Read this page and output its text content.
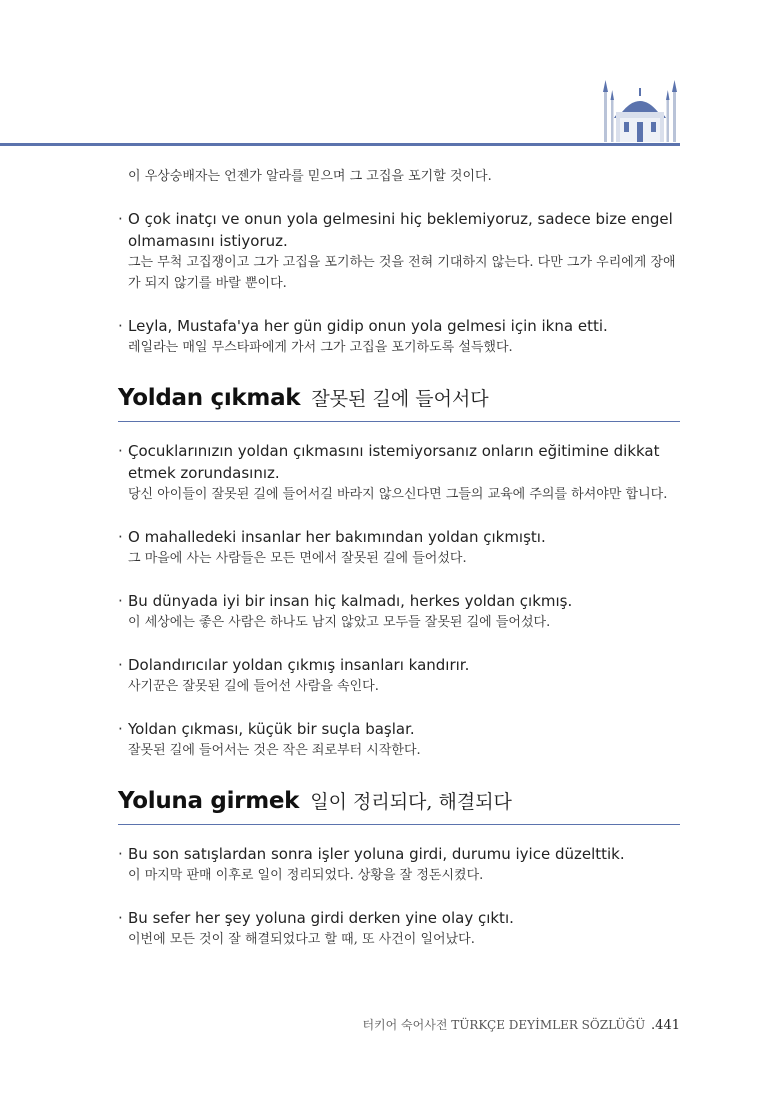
이 우상숭배자는 언젠가 알라를 믿으며 그 고집을 포기할 것이다.
· O çok inatçı ve onun yola gelmesini hiç beklemiyoruz, sadece bize engel olmamasını istiyoruz.
그는 무척 고집쟁이고 그가 고집을 포기하는 것을 전혀 기대하지 않는다. 다만 그가 우리에게 장애가 되지 않기를 바랄 뿐이다.
· Leyla, Mustafa'ya her gün gidip onun yola gelmesi için ikna etti.
레일라는 매일 무스타파에게 가서 그가 고집을 포기하도록 설득했다.
Yoldan çıkmak 잘못된 길에 들어서다
· Çocuklarınızın yoldan çıkmasını istemiyorsanız onların eğitimine dikkat etmek zorundasınız.
당신 아이들이 잘못된 길에 들어서길 바라지 않으신다면 그들의 교육에 주의를 하셔야만 합니다.
· O mahalledeki insanlar her bakımından yoldan çıkmıştı.
그 마을에 사는 사람들은 모든 면에서 잘못된 길에 들어섰다.
· Bu dünyada iyi bir insan hiç kalmadı, herkes yoldan çıkmış.
이 세상에는 좋은 사람은 하나도 남지 않았고 모두들 잘못된 길에 들어섰다.
· Dolandırıcılar yoldan çıkmış insanları kandırır.
사기꾼은 잘못된 길에 들어선 사람을 속인다.
· Yoldan çıkması, küçük bir suçla başlar.
잘못된 길에 들어서는 것은 작은 죄로부터 시작한다.
Yoluna girmek 일이 정리되다, 해결되다
· Bu son satışlardan sonra işler yoluna girdi, durumu iyice düzelttik.
이 마지막 판매 이후로 일이 정리되었다. 상황을 잘 정돈시켰다.
· Bu sefer her şey yoluna girdi derken yine olay çıktı.
이번에 모든 것이 잘 해결되었다고 할 때, 또 사건이 일어났다.
터키어 숙어사전 TÜRKÇE DEYİMLER SÖZLÜĞÜ .441
